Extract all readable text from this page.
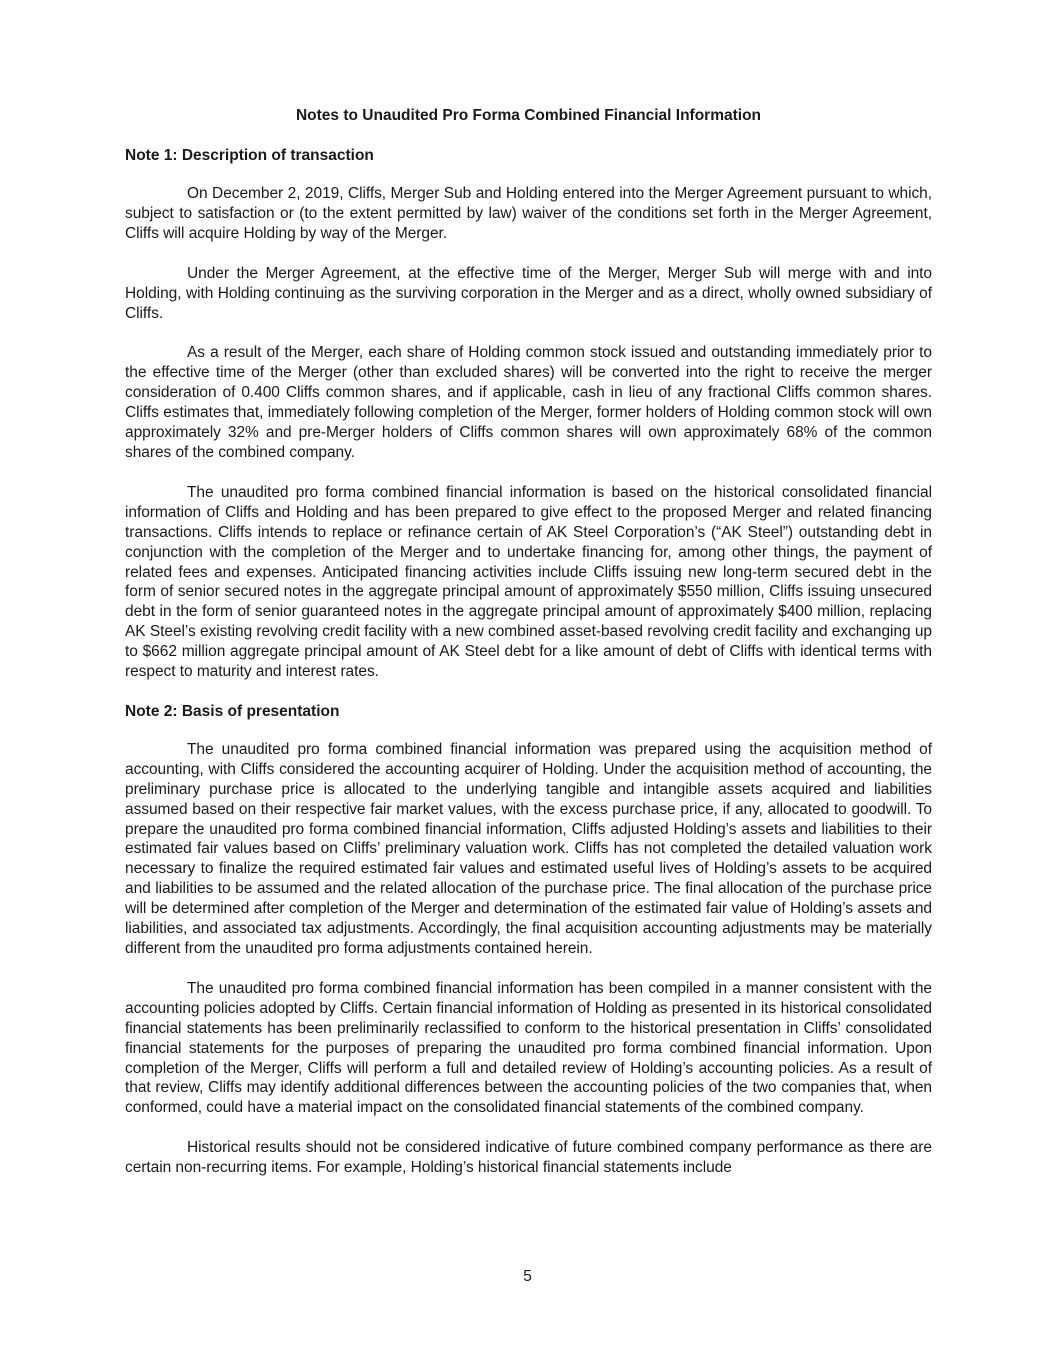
Notes to Unaudited Pro Forma Combined Financial Information
Note 1: Description of transaction

On December 2, 2019, Cliffs, Merger Sub and Holding entered into the Merger Agreement pursuant to which, subject to satisfaction or (to the extent permitted by law) waiver of the conditions set forth in the Merger Agreement, Cliffs will acquire Holding by way of the Merger.

Under the Merger Agreement, at the effective time of the Merger, Merger Sub will merge with and into Holding, with Holding continuing as the surviving corporation in the Merger and as a direct, wholly owned subsidiary of Cliffs.

As a result of the Merger, each share of Holding common stock issued and outstanding immediately prior to the effective time of the Merger (other than excluded shares) will be converted into the right to receive the merger consideration of 0.400 Cliffs common shares, and if applicable, cash in lieu of any fractional Cliffs common shares. Cliffs estimates that, immediately following completion of the Merger, former holders of Holding common stock will own approximately 32% and pre-Merger holders of Cliffs common shares will own approximately 68% of the common shares of the combined company.

The unaudited pro forma combined financial information is based on the historical consolidated financial information of Cliffs and Holding and has been prepared to give effect to the proposed Merger and related financing transactions. Cliffs intends to replace or refinance certain of AK Steel Corporation’s (“AK Steel”) outstanding debt in conjunction with the completion of the Merger and to undertake financing for, among other things, the payment of related fees and expenses. Anticipated financing activities include Cliffs issuing new long-term secured debt in the form of senior secured notes in the aggregate principal amount of approximately $550 million, Cliffs issuing unsecured debt in the form of senior guaranteed notes in the aggregate principal amount of approximately $400 million, replacing AK Steel’s existing revolving credit facility with a new combined asset-based revolving credit facility and exchanging up to $662 million aggregate principal amount of AK Steel debt for a like amount of debt of Cliffs with identical terms with respect to maturity and interest rates.

Note 2: Basis of presentation

The unaudited pro forma combined financial information was prepared using the acquisition method of accounting, with Cliffs considered the accounting acquirer of Holding. Under the acquisition method of accounting, the preliminary purchase price is allocated to the underlying tangible and intangible assets acquired and liabilities assumed based on their respective fair market values, with the excess purchase price, if any, allocated to goodwill. To prepare the unaudited pro forma combined financial information, Cliffs adjusted Holding’s assets and liabilities to their estimated fair values based on Cliffs’ preliminary valuation work. Cliffs has not completed the detailed valuation work necessary to finalize the required estimated fair values and estimated useful lives of Holding’s assets to be acquired and liabilities to be assumed and the related allocation of the purchase price. The final allocation of the purchase price will be determined after completion of the Merger and determination of the estimated fair value of Holding’s assets and liabilities, and associated tax adjustments. Accordingly, the final acquisition accounting adjustments may be materially different from the unaudited pro forma adjustments contained herein.

The unaudited pro forma combined financial information has been compiled in a manner consistent with the accounting policies adopted by Cliffs. Certain financial information of Holding as presented in its historical consolidated financial statements has been preliminarily reclassified to conform to the historical presentation in Cliffs’ consolidated financial statements for the purposes of preparing the unaudited pro forma combined financial information. Upon completion of the Merger, Cliffs will perform a full and detailed review of Holding’s accounting policies. As a result of that review, Cliffs may identify additional differences between the accounting policies of the two companies that, when conformed, could have a material impact on the consolidated financial statements of the combined company.

Historical results should not be considered indicative of future combined company performance as there are certain non-recurring items. For example, Holding’s historical financial statements include

5
